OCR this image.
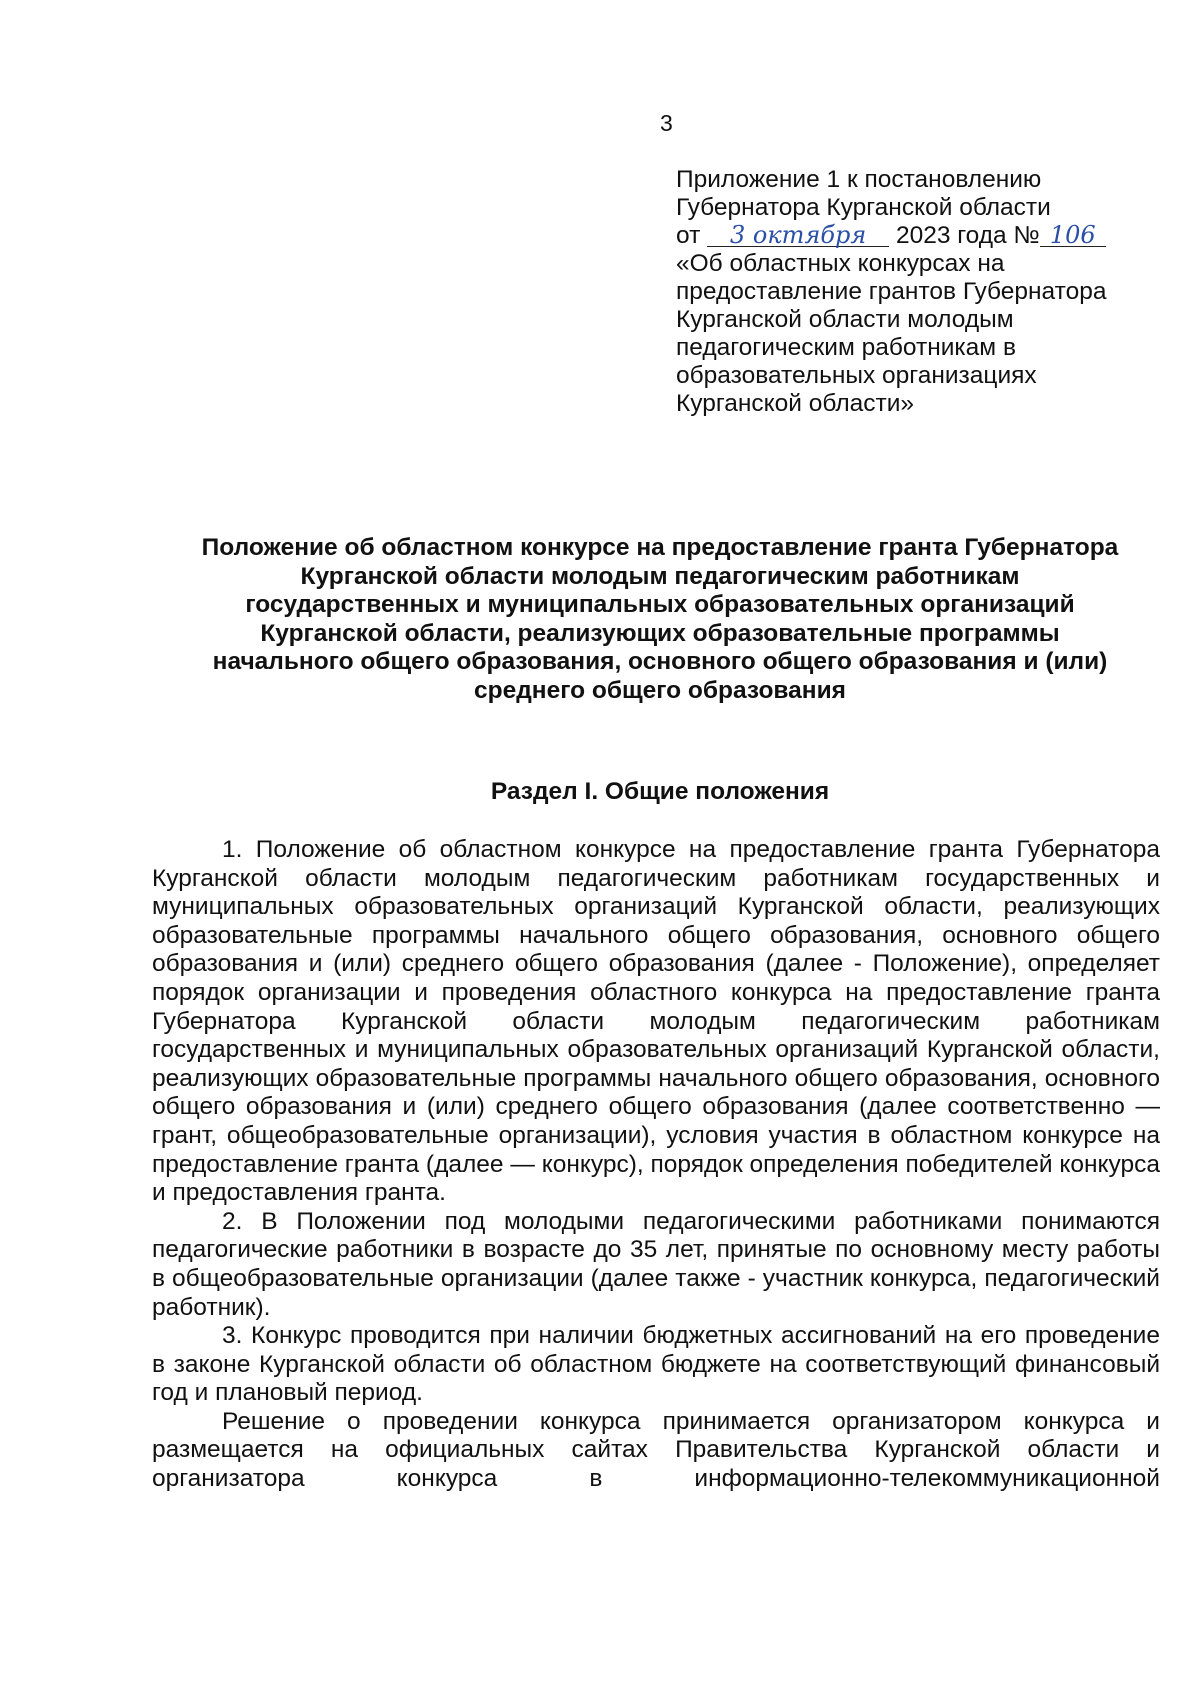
3
Приложение 1 к постановлению
Губернатора Курганской области
от 3 октября 2023 года № 106
«Об областных конкурсах на
предоставление грантов Губернатора
Курганской области молодым
педагогическим работникам в
образовательных организациях
Курганской области»
Положение об областном конкурсе на предоставление гранта Губернатора
Курганской области молодым педагогическим работникам
государственных и муниципальных образовательных организаций
Курганской области, реализующих образовательные программы
начального общего образования, основного общего образования и (или)
среднего общего образования
Раздел I. Общие положения

1. Положение об областном конкурсе на предоставление гранта Губернатора Курганской области молодым педагогическим работникам государственных и муниципальных образовательных организаций Курганской области, реализующих образовательные программы начального общего образования, основного общего образования и (или) среднего общего образования (далее - Положение), определяет порядок организации и проведения областного конкурса на предоставление гранта Губернатора Курганской области молодым педагогическим работникам государственных и муниципальных образовательных организаций Курганской области, реализующих образовательные программы начального общего образования, основного общего образования и (или) среднего общего образования (далее соответственно — грант, общеобразовательные организации), условия участия в областном конкурсе на предоставление гранта (далее — конкурс), порядок определения победителей конкурса и предоставления гранта.

2. В Положении под молодыми педагогическими работниками понимаются педагогические работники в возрасте до 35 лет, принятые по основному месту работы в общеобразовательные организации (далее также - участник конкурса, педагогический работник).

3. Конкурс проводится при наличии бюджетных ассигнований на его проведение в законе Курганской области об областном бюджете на соответствующий финансовый год и плановый период.

Решение о проведении конкурса принимается организатором конкурса и размещается на официальных сайтах Правительства Курганской области и организатора конкурса в информационно-телекоммуникационной
